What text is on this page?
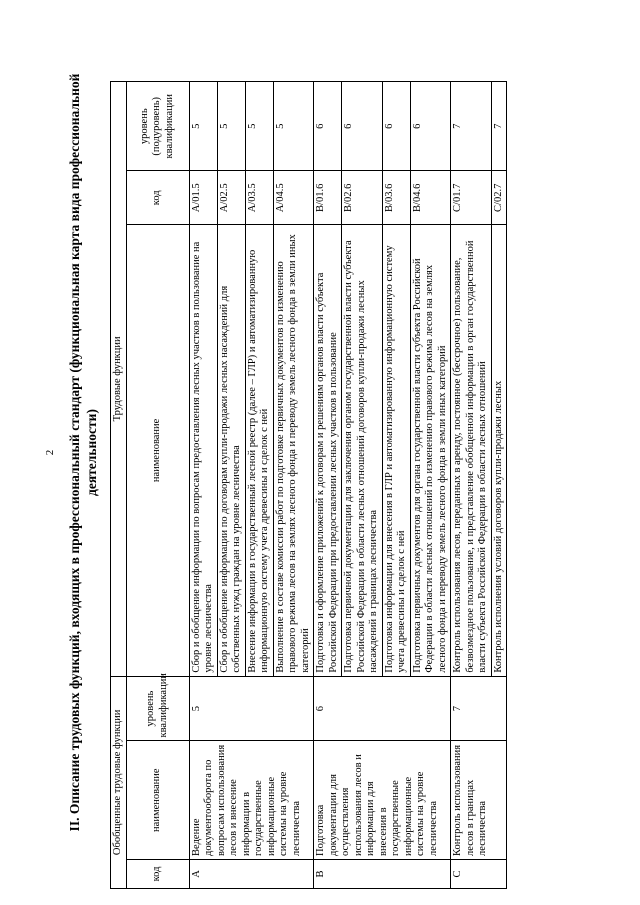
2 II. Описание трудовых функций, входящих в профессиональный стандарт (функциональная карта вида профессиональной деятельности)
Обобщенные трудовые функции			Трудовые функции		
код	наименование	уровень квалификации	наименование	код	уровень (подуровень) квалификации
A	Ведение документооборота по вопросам использования лесов и внесение информации в государственные информационные системы на уровне лесничества	5	Сбор и обобщение информации по вопросам предоставления лесных участков в пользование на уровне лесничества	A/01.5	5
			Сбор и обобщение информации по договорам купли-продажи лесных насаждений для собственных нужд граждан на уровне лесничества	A/02.5	5
			Внесение информации в государственный лесной реестр (далее – ГЛР) и автоматизированную информационную систему учета древесины и сделок с ней	A/03.5	5
			Выполнение в составе комиссии работ по подготовке первичных документов по изменению правового режима лесов на землях лесного фонда и переводу земель лесного фонда в земли иных категорий	A/04.5	5
B	Подготовка документации для осуществления использования лесов и информации для внесения в государственные информационные системы на уровне лесничества	6	Подготовка и оформление приложений к договорам и решениям органов власти субъекта Российской Федерации при предоставлении лесных участков в пользование	B/01.6	6
			Подготовка первичной документации для заключения органом государственной власти субъекта Российской Федерации в области лесных отношений договоров купли-продажи лесных насаждений в границах лесничества	B/02.6	6
			Подготовка информации для внесения в ГЛР и автоматизированную информационную систему учета древесины и сделок с ней	B/03.6	6
			Подготовка первичных документов для органа государственной власти субъекта Российской Федерации в области лесных отношений по изменению правового режима лесов на землях лесного фонда и переводу земель лесного фонда в земли иных категорий	B/04.6	6
C	Контроль использования лесов в границах лесничества	7	Контроль использования лесов, переданных в аренду, постоянное (бессрочное) пользование, безвозмездное пользование, и представление обобщенной информации в орган государственной власти субъекта Российской Федерации в области лесных отношений	C/01.7	7
			Контроль исполнения условий договоров купли-продажи лесных	C/02.7	7
